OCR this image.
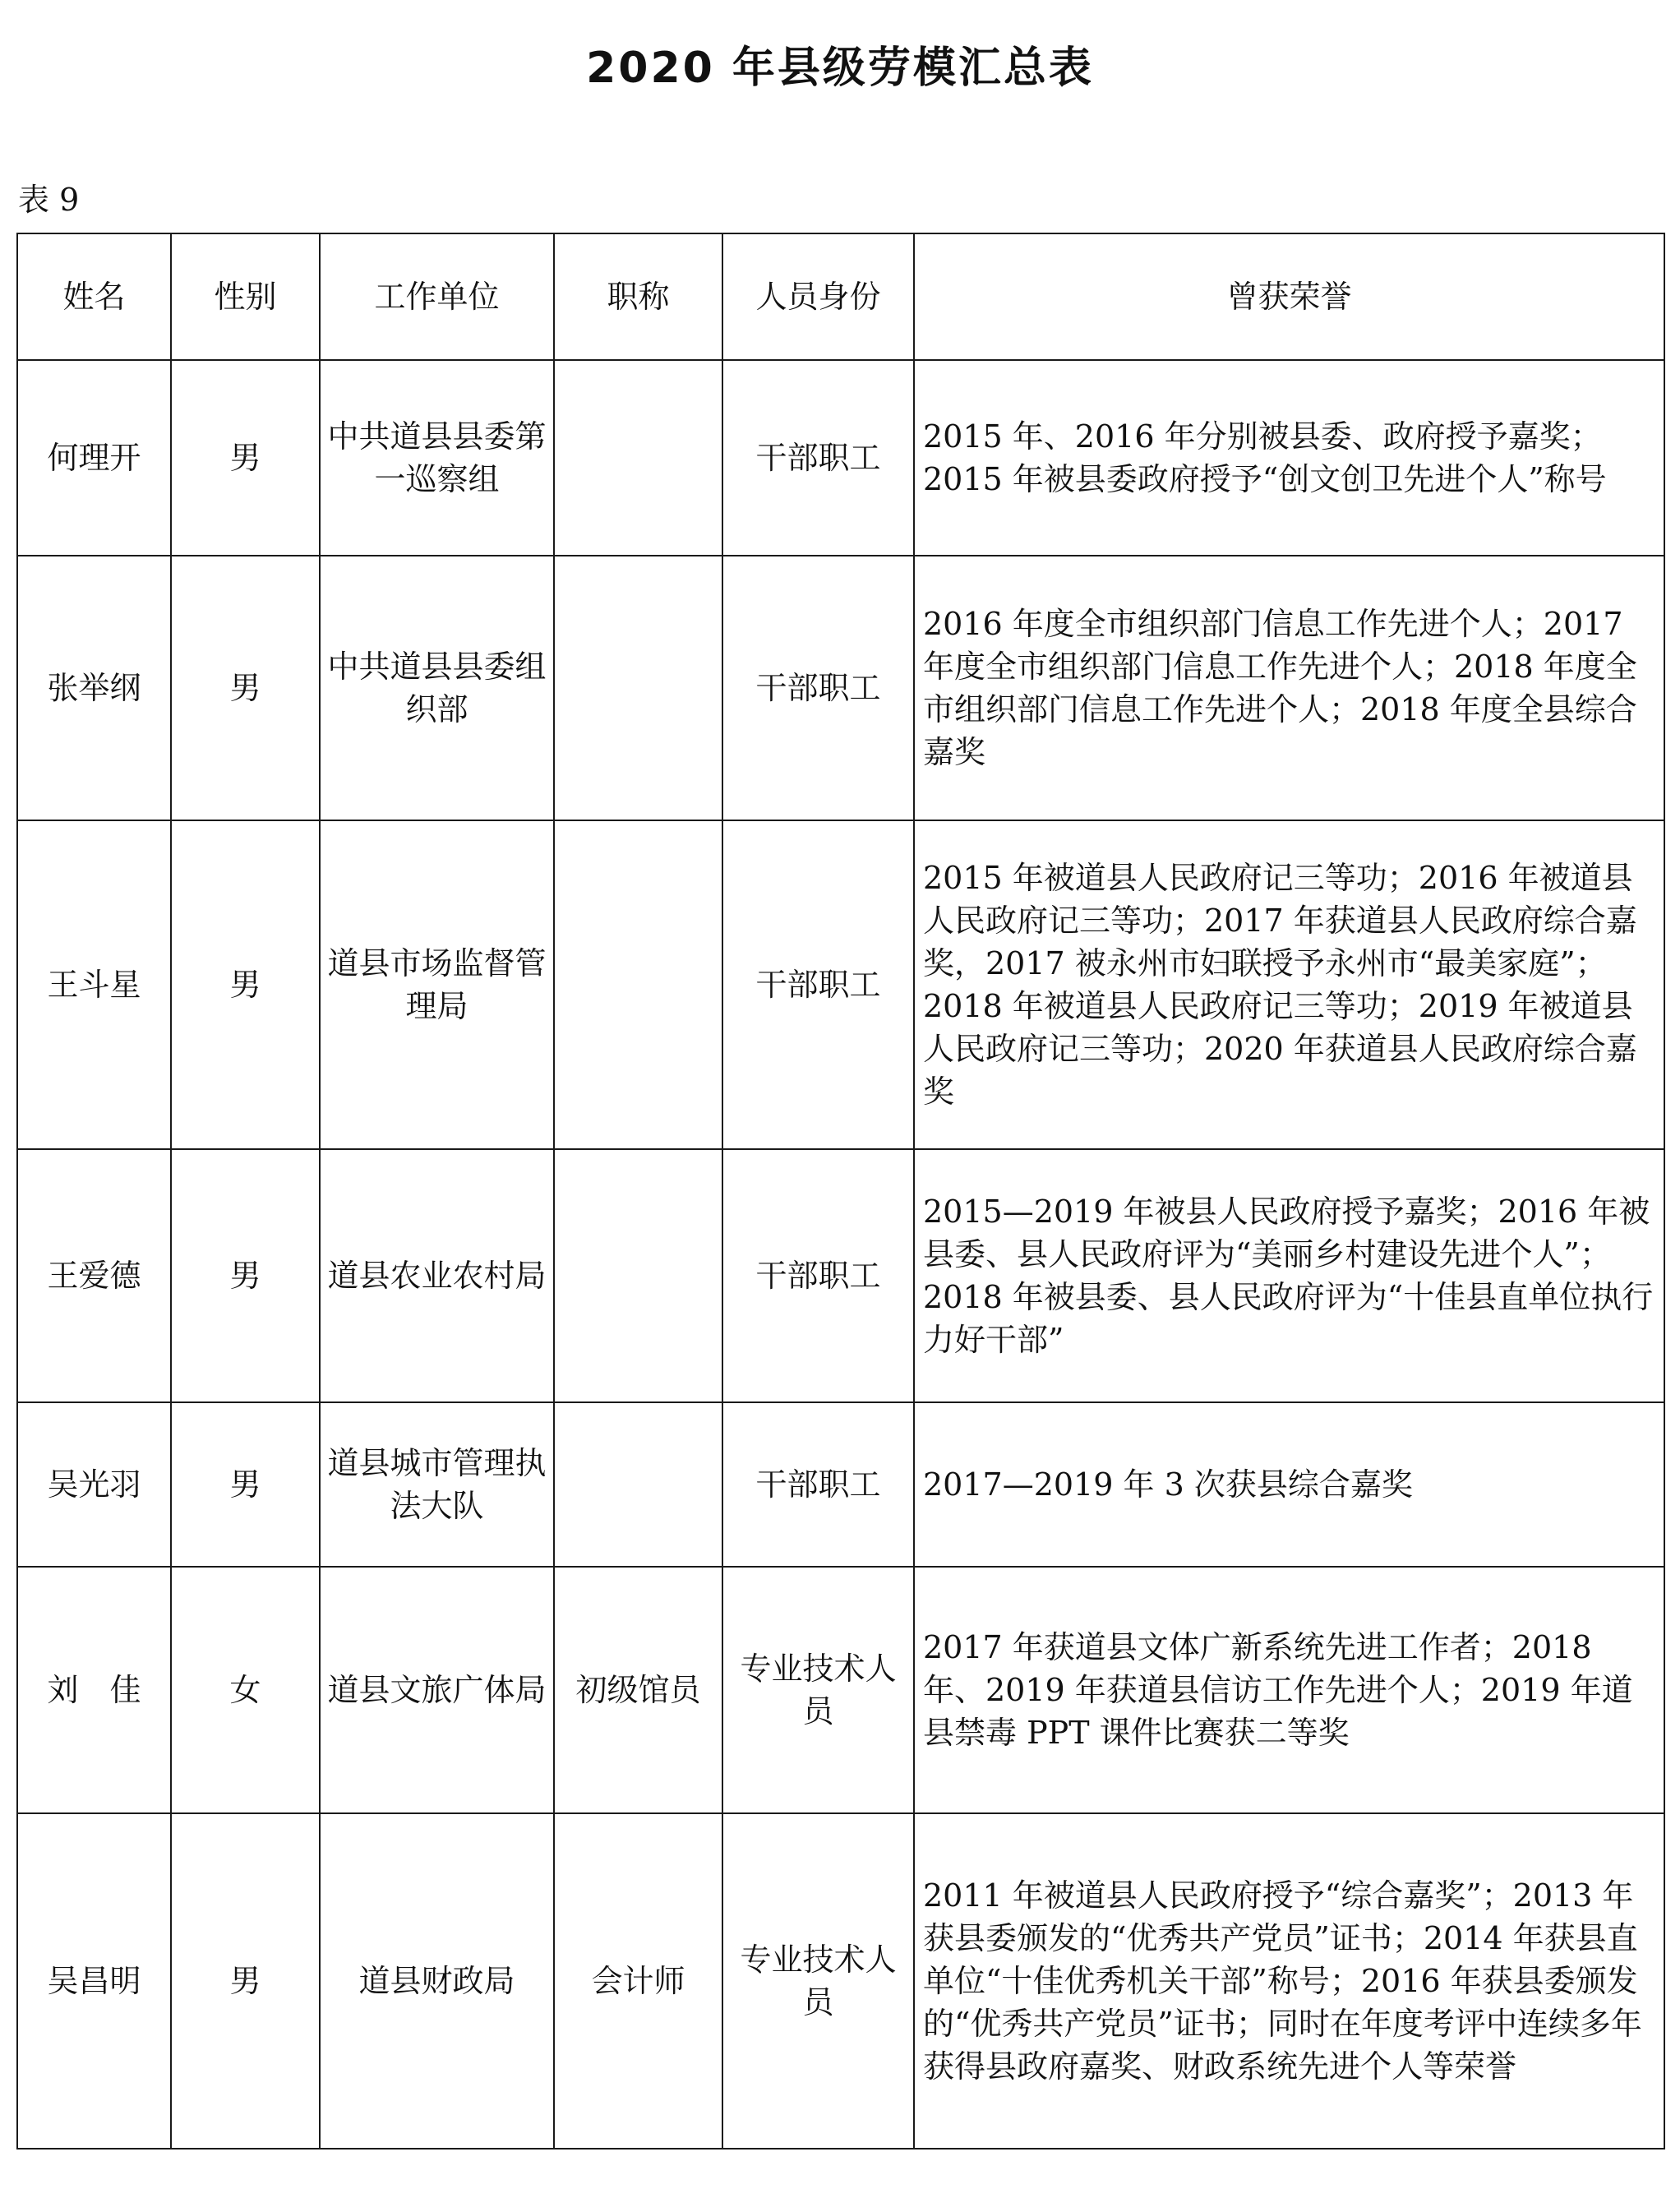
2020 年县级劳模汇总表
表 9
姓名	性别	工作单位	职称	人员身份	曾获荣誉
何理开	男	中共道县县委第一巡察组		干部职工	2015 年、2016 年分别被县委、政府授予嘉奖；2015 年被县委政府授予“创文创卫先进个人”称号
张举纲	男	中共道县县委组织部		干部职工	2016 年度全市组织部门信息工作先进个人；2017 年度全市组织部门信息工作先进个人；2018 年度全市组织部门信息工作先进个人；2018 年度全县综合嘉奖
王斗星	男	道县市场监督管理局		干部职工	2015 年被道县人民政府记三等功；2016 年被道县人民政府记三等功；2017 年获道县人民政府综合嘉奖，2017 被永州市妇联授予永州市“最美家庭”；2018 年被道县人民政府记三等功；2019 年被道县人民政府记三等功；2020 年获道县人民政府综合嘉奖
王爱德	男	道县农业农村局		干部职工	2015—2019 年被县人民政府授予嘉奖；2016 年被县委、县人民政府评为“美丽乡村建设先进个人”；2018 年被县委、县人民政府评为“十佳县直单位执行力好干部”
吴光羽	男	道县城市管理执法大队		干部职工	2017—2019 年 3 次获县综合嘉奖
刘　佳	女	道县文旅广体局	初级馆员	专业技术人员	2017 年获道县文体广新系统先进工作者；2018 年、2019 年获道县信访工作先进个人；2019 年道县禁毒 PPT 课件比赛获二等奖
吴昌明	男	道县财政局	会计师	专业技术人员	2011 年被道县人民政府授予“综合嘉奖”；2013 年获县委颁发的“优秀共产党员”证书；2014 年获县直单位“十佳优秀机关干部”称号；2016 年获县委颁发的“优秀共产党员”证书；同时在年度考评中连续多年获得县政府嘉奖、财政系统先进个人等荣誉
